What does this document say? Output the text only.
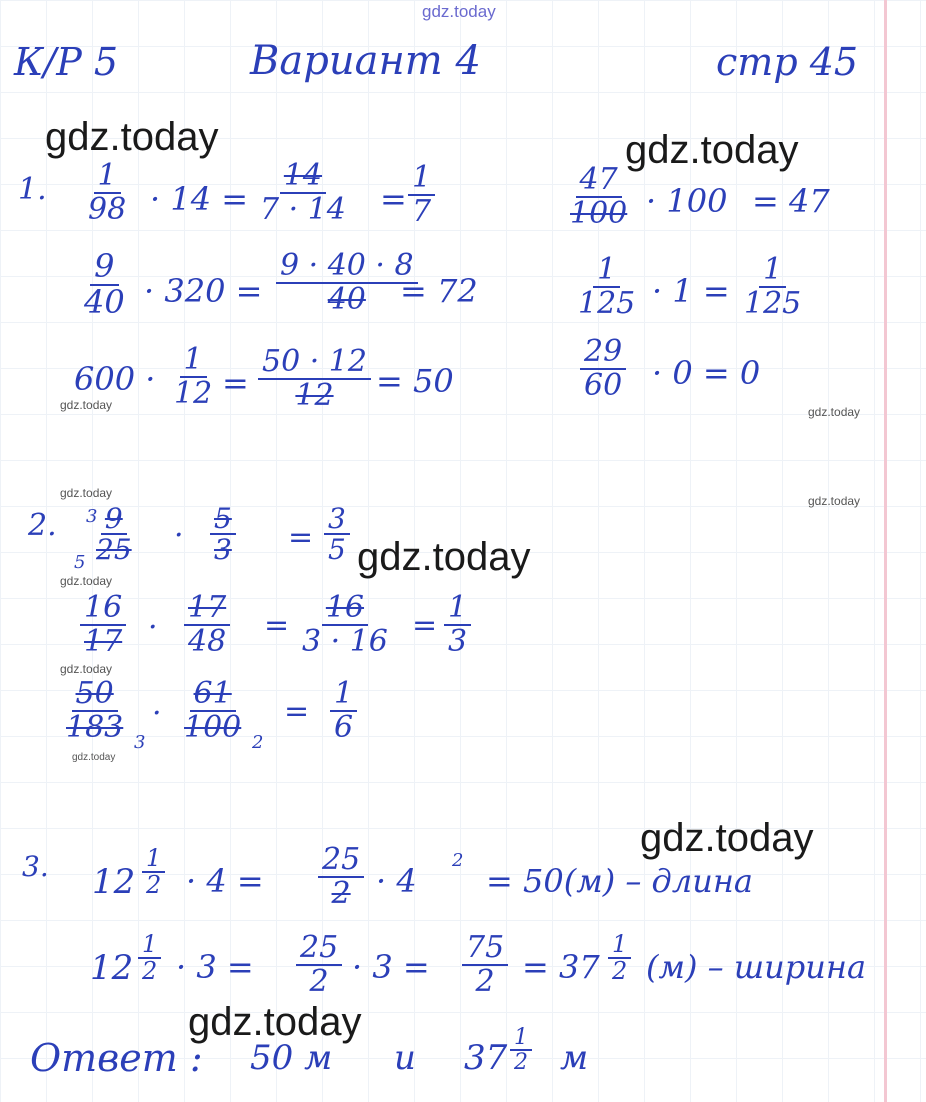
gdz.today
К/Р 5	Вариант 4	стр 45
gdz.today	gdz.today
gdz.today
gdz.today
gdz.today
gdz.today	gdz.today
gdz.today
gdz.today
gdz.today
gdz.today
gdz.today
1. $\frac{1}{98} \cdot 14 = \frac{14}{7 \cdot 14} = \frac{1}{7}$
$\frac{9}{40} \cdot 320 = \frac{9 \cdot 40 \cdot 8}{40}$
= 72
$600 \cdot \frac{1}{12} = \frac{50 \cdot 12}{12} = 50$
$\frac{47}{100} \cdot 100 = 47$
$\frac{1}{125} \cdot 1 = \frac{1}{125}$
$\frac{29}{60} \cdot 0 = 0$
2. 3
$5 \frac{9}{25} \cdot \frac{5}{3} = \frac{3}{5}$
$\frac{16}{17} \cdot \frac{17}{48} = \frac{16}{3 \cdot 16} = \frac{1}{3}$
$\frac{50}{183} 3$
· $\frac{61}{100} 2$
= $\frac{1}{6}$
3. $12 \frac{1}{2} \cdot 4 = \frac{25}{2} \cdot 4$
2
= 50(м) – длина
$12 \frac{1}{2} \cdot 3 = \frac{25}{2} \cdot 3 = \frac{75}{2} = 37 \frac{1}{2} (м)$ – ширина
Ответ : 50 м и $37 \frac{1}{2}$ м
